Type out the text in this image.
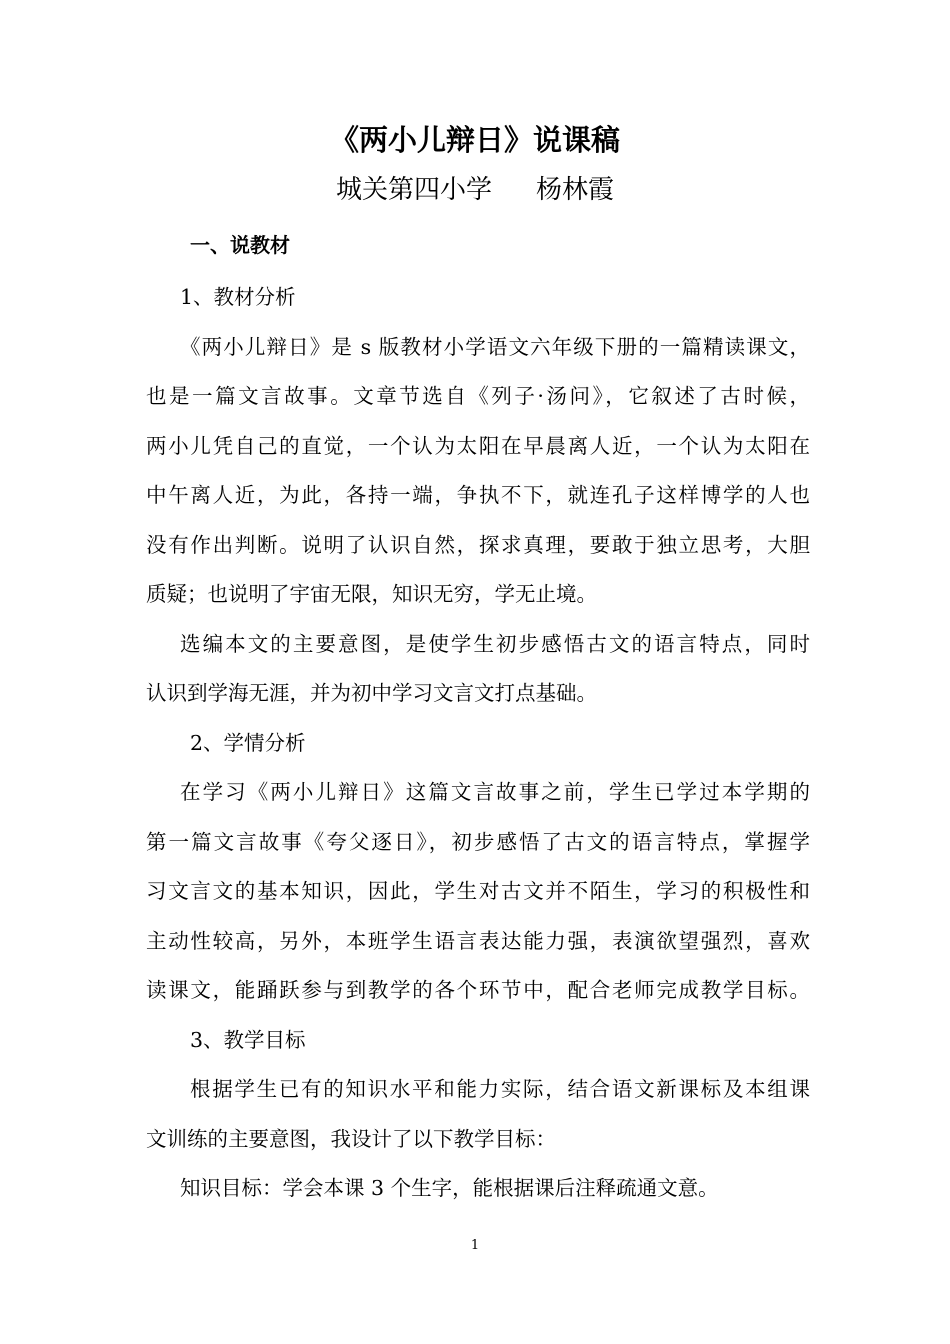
《两小儿辩日》说课稿
城关第四小学 杨林霞
一、说教材
1、教材分析
《两小儿辩日》是 s 版教材小学语文六年级下册的一篇精读课文，
也是一篇文言故事。文章节选自《列子·汤问》，它叙述了古时候，
两小儿凭自己的直觉，一个认为太阳在早晨离人近，一个认为太阳在
中午离人近，为此，各持一端，争执不下，就连孔子这样博学的人也
没有作出判断。说明了认识自然，探求真理，要敢于独立思考，大胆
质疑；也说明了宇宙无限，知识无穷，学无止境。
选编本文的主要意图，是使学生初步感悟古文的语言特点，同时
认识到学海无涯，并为初中学习文言文打点基础。
2、学情分析
在学习《两小儿辩日》这篇文言故事之前，学生已学过本学期的
第一篇文言故事《夸父逐日》，初步感悟了古文的语言特点，掌握学
习文言文的基本知识，因此，学生对古文并不陌生，学习的积极性和
主动性较高，另外，本班学生语言表达能力强，表演欲望强烈，喜欢
读课文，能踊跃参与到教学的各个环节中，配合老师完成教学目标。
3、教学目标
根据学生已有的知识水平和能力实际，结合语文新课标及本组课
文训练的主要意图，我设计了以下教学目标：
知识目标：学会本课 3 个生字，能根据课后注释疏通文意。
1
